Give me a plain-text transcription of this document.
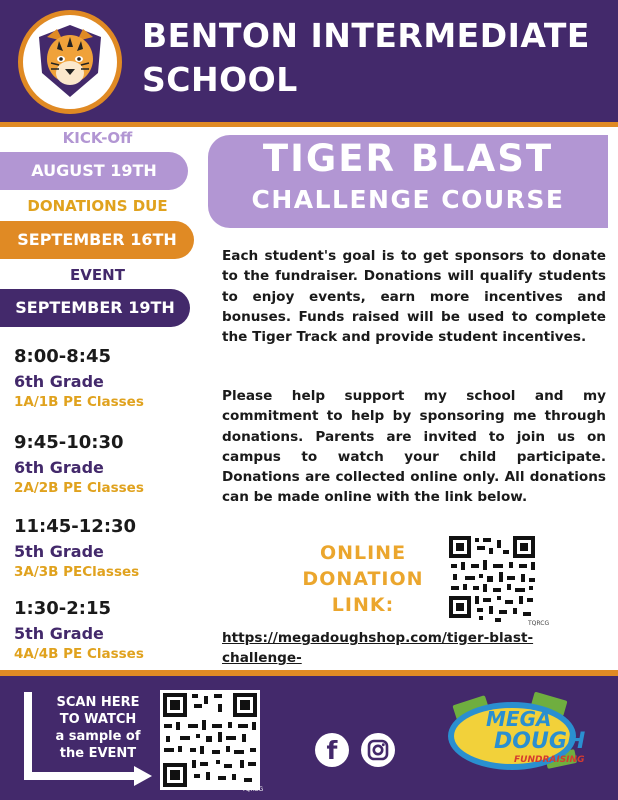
BENTON INTERMEDIATE
SCHOOL
KICK-Off
AUGUST 19TH
DONATIONS DUE
SEPTEMBER 16TH
EVENT
SEPTEMBER 19TH
8:00-8:45
6th Grade
1A/1B PE Classes
9:45-10:30
6th Grade
2A/2B PE Classes
11:45-12:30
5th Grade
3A/3B PEClasses
1:30-2:15
5th Grade
4A/4B PE Classes
TIGER BLAST
CHALLENGE COURSE
Each student's goal is to get sponsors to donate to the fundraiser. Donations will qualify students to enjoy events, earn more incentives and bonuses. Funds raised will be used to complete the Tiger Track and provide student incentives.
Please help support my school and my commitment to help by sponsoring me through donations. Parents are invited to join us on campus to watch your child participate. Donations are collected online only. All donations can be made online with the link below.
ONLINE
DONATION
LINK:
TQRCG
https://megadoughshop.com/tiger-blast-challenge-
SCAN HERE
TO WATCH
a sample of
the EVENT
TQRCG
f
MEGA
DOUGH
FUNDRAISING
